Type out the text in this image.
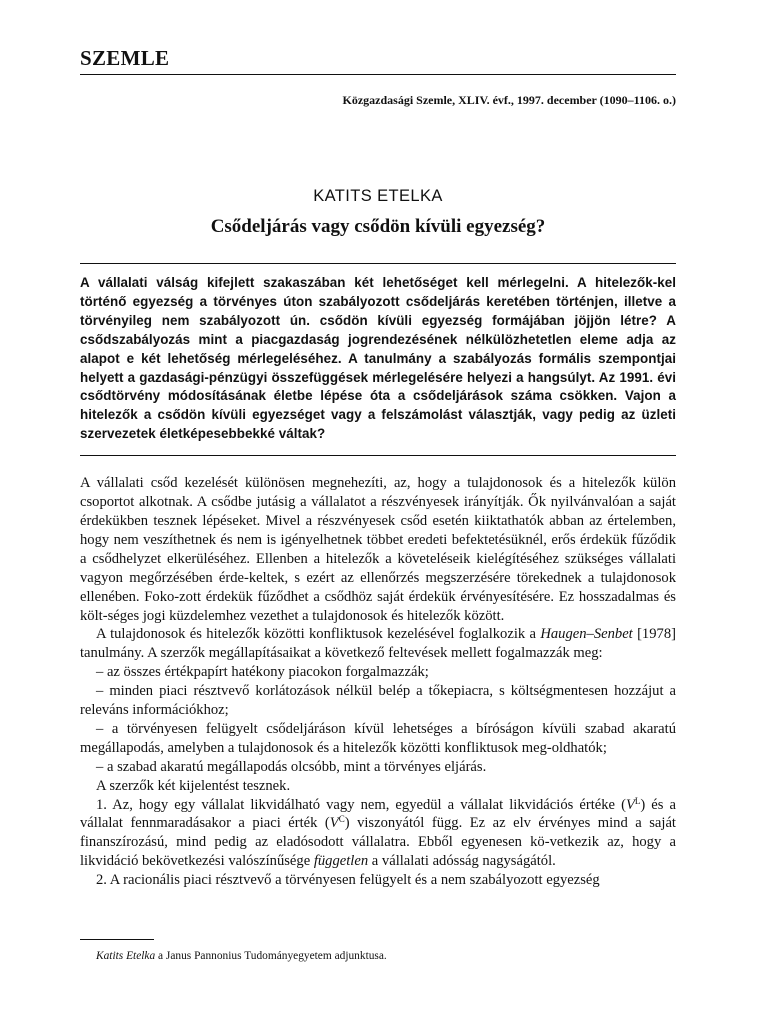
SZEMLE
Közgazdasági Szemle, XLIV. évf., 1997. december (1090–1106. o.)
KATITS ETELKA
Csődeljárás vagy csődön kívüli egyezség?
A vállalati válság kifejlett szakaszában két lehetőséget kell mérlegelni. A hitelezők-kel történő egyezség a törvényes úton szabályozott csődeljárás keretében történjen, illetve a törvényileg nem szabályozott ún. csődön kívüli egyezség formájában jöjjön létre? A csődszabályozás mint a piacgazdaság jogrendezésének nélkülözhetetlen eleme adja az alapot e két lehetőség mérlegeléséhez. A tanulmány a szabályozás formális szempontjai helyett a gazdasági-pénzügyi összefüggések mérlegelésére helyezi a hangsúlyt. Az 1991. évi csődtörvény módosításának életbe lépése óta a csődeljárások száma csökken. Vajon a hitelezők a csődön kívüli egyezséget vagy a felszámolást választják, vagy pedig az üzleti szervezetek életképesebbekké váltak?

A vállalati csőd kezelését különösen megnehezíti, az, hogy a tulajdonosok és a hitelezők külön csoportot alkotnak. A csődbe jutásig a vállalatot a részvényesek irányítják. Ők nyilvánvalóan a saját érdekükben tesznek lépéseket. Mivel a részvényesek csőd esetén kiiktathatók abban az értelemben, hogy nem veszíthetnek és nem is igényelhetnek többet eredeti befektetésüknél, erős érdekük fűződik a csődhelyzet elkerüléséhez. Ellenben a hitelezők a követeléseik kielégítéséhez szükséges vállalati vagyon megőrzésében érde-keltek, s ezért az ellenőrzés megszerzésére törekednek a tulajdonosok ellenében. Foko-zott érdekük fűződhet a csődhöz saját érdekük érvényesítésére. Ez hosszadalmas és költ-séges jogi küzdelemhez vezethet a tulajdonosok és hitelezők között.

A tulajdonosok és hitelezők közötti konfliktusok kezelésével foglalkozik a Haugen–Senbet [1978] tanulmány. A szerzők megállapításaikat a következő feltevések mellett fogalmazzák meg:

– az összes értékpapírt hatékony piacokon forgalmazzák;

– minden piaci résztvevő korlátozások nélkül belép a tőkepiacra, s költségmentesen hozzájut a releváns információkhoz;

– a törvényesen felügyelt csődeljáráson kívül lehetséges a bíróságon kívüli szabad akaratú megállapodás, amelyben a tulajdonosok és a hitelezők közötti konfliktusok meg-oldhatók;

– a szabad akaratú megállapodás olcsóbb, mint a törvényes eljárás.

A szerzők két kijelentést tesznek.

1. Az, hogy egy vállalat likvidálható vagy nem, egyedül a vállalat likvidációs értéke $(V^L)$ és a vállalat fennmaradásakor a piaci érték $(V^C)$ viszonyától függ. Ez az elv érvényes mind a saját finanszírozású, mind pedig az eladósodott vállalatra. Ebből egyenesen kö-vetkezik az, hogy a likvidáció bekövetkezési valószínűsége független a vállalati adósság nagyságától.

2. A racionális piaci résztvevő a törvényesen felügyelt és a nem szabályozott egyezség

Katits Etelka a Janus Pannonius Tudományegyetem adjunktusa.
